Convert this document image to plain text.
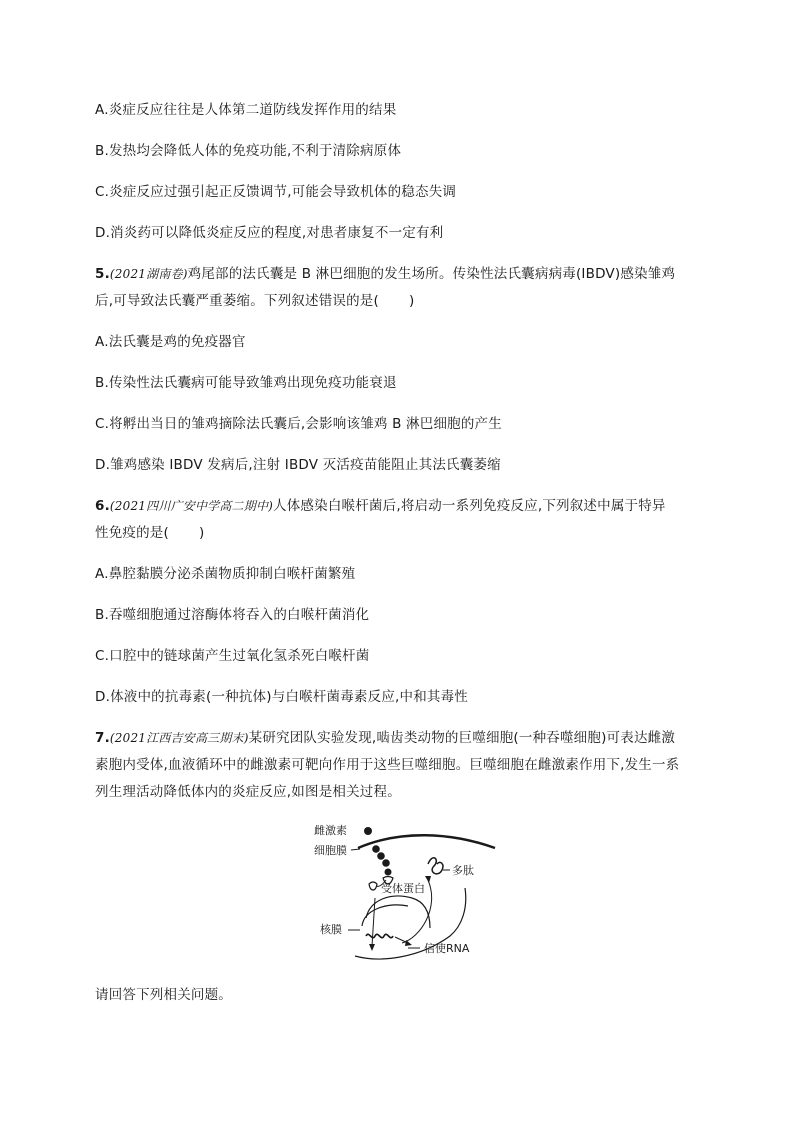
A.炎症反应往往是人体第二道防线发挥作用的结果
B.发热均会降低人体的免疫功能,不利于清除病原体
C.炎症反应过强引起正反馈调节,可能会导致机体的稳态失调
D.消炎药可以降低炎症反应的程度,对患者康复不一定有利
5.(2021湖南卷)鸡尾部的法氏囊是 B 淋巴细胞的发生场所。传染性法氏囊病病毒(IBDV)感染雏鸡
后,可导致法氏囊严重萎缩。下列叙述错误的是( )
A.法氏囊是鸡的免疫器官
B.传染性法氏囊病可能导致雏鸡出现免疫功能衰退
C.将孵出当日的雏鸡摘除法氏囊后,会影响该雏鸡 B 淋巴细胞的产生
D.雏鸡感染 IBDV 发病后,注射 IBDV 灭活疫苗能阻止其法氏囊萎缩
6.(2021四川广安中学高二期中)人体感染白喉杆菌后,将启动一系列免疫反应,下列叙述中属于特异
性免疫的是( )
A.鼻腔黏膜分泌杀菌物质抑制白喉杆菌繁殖
B.吞噬细胞通过溶酶体将吞入的白喉杆菌消化
C.口腔中的链球菌产生过氧化氢杀死白喉杆菌
D.体液中的抗毒素(一种抗体)与白喉杆菌毒素反应,中和其毒性
7.(2021江西吉安高三期末)某研究团队实验发现,啮齿类动物的巨噬细胞(一种吞噬细胞)可表达雌激
素胞内受体,血液循环中的雌激素可靶向作用于这些巨噬细胞。巨噬细胞在雌激素作用下,发生一系
列生理活动降低体内的炎症反应,如图是相关过程。
雌激素
细胞膜
受体蛋白
多肽
核膜
信使RNA
请回答下列相关问题。
